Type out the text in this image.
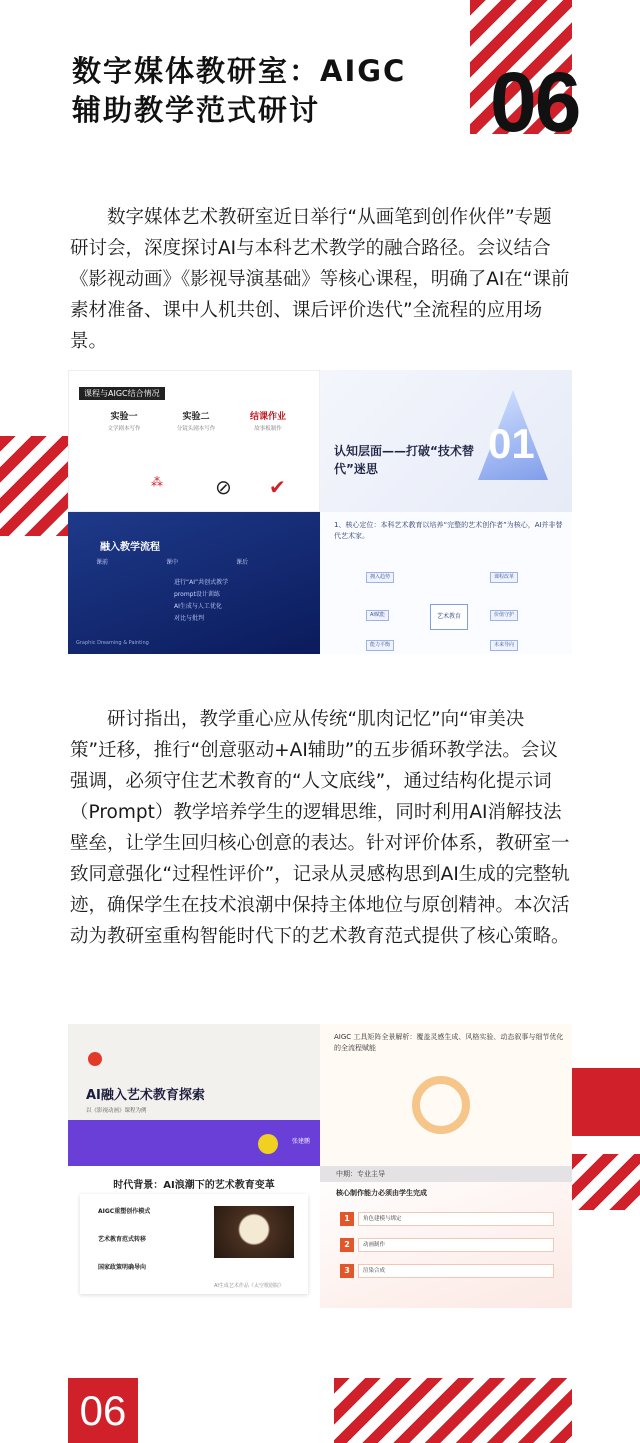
数字媒体教研室：AIGC
辅助教学范式研讨	06

数字媒体艺术教研室近日举行“从画笔到创作伙伴”专题研讨会，深度探讨AI与本科艺术教学的融合路径。会议结合《影视动画》《影视导演基础》等核心课程，明确了AI在“课前素材准备、课中人机共创、课后评价迭代”全流程的应用场景。

课程与AIGC结合情况
实验一
文学剧本写作
实验二
分镜头剧本写作
结课作业
故事板制作
⁂	⊘ ✔
01
认知层面——打破“技术替代”迷思
融入教学流程
课前	课中	课后
进行“AI”共创式教学
prompt设计训练
AI生成与人工优化
对比与批判
Graphic Dreaming & Painting
1、核心定位：本科艺术教育以培养“完整的艺术创作者”为核心，AI并非替代艺术家。
艺术教育
拥入趋势
AI赋能
能力平衡
课程改革
价值守护
未来导向

研讨指出，教学重心应从传统“肌肉记忆”向“审美决策”迁移，推行“创意驱动+AI辅助”的五步循环教学法。会议强调，必须守住艺术教育的“人文底线”，通过结构化提示词（Prompt）教学培养学生的逻辑思维，同时利用AI消解技法壁垒，让学生回归核心创意的表达。针对评价体系，教研室一致同意强化“过程性评价”，记录从灵感构思到AI生成的完整轨迹，确保学生在技术浪潮中保持主体地位与原创精神。本次活动为教研室重构智能时代下的艺术教育范式提供了核心策略。

AI融入艺术教育探索
以《影视动画》课程为例
张建鹏
AIGC 工具矩阵全景解析：覆盖灵感生成、风格实验、动态叙事与细节优化的全流程赋能
时代背景：AI浪潮下的艺术教育变革
AIGC重塑创作模式
艺术教育范式转移
国家政策明确导向
AI生成艺术作品《太空歌剧院》
中期：专业主导
核心制作能力必须由学生完成
1	角色建模与绑定
2	动画制作
3	渲染合成
06
